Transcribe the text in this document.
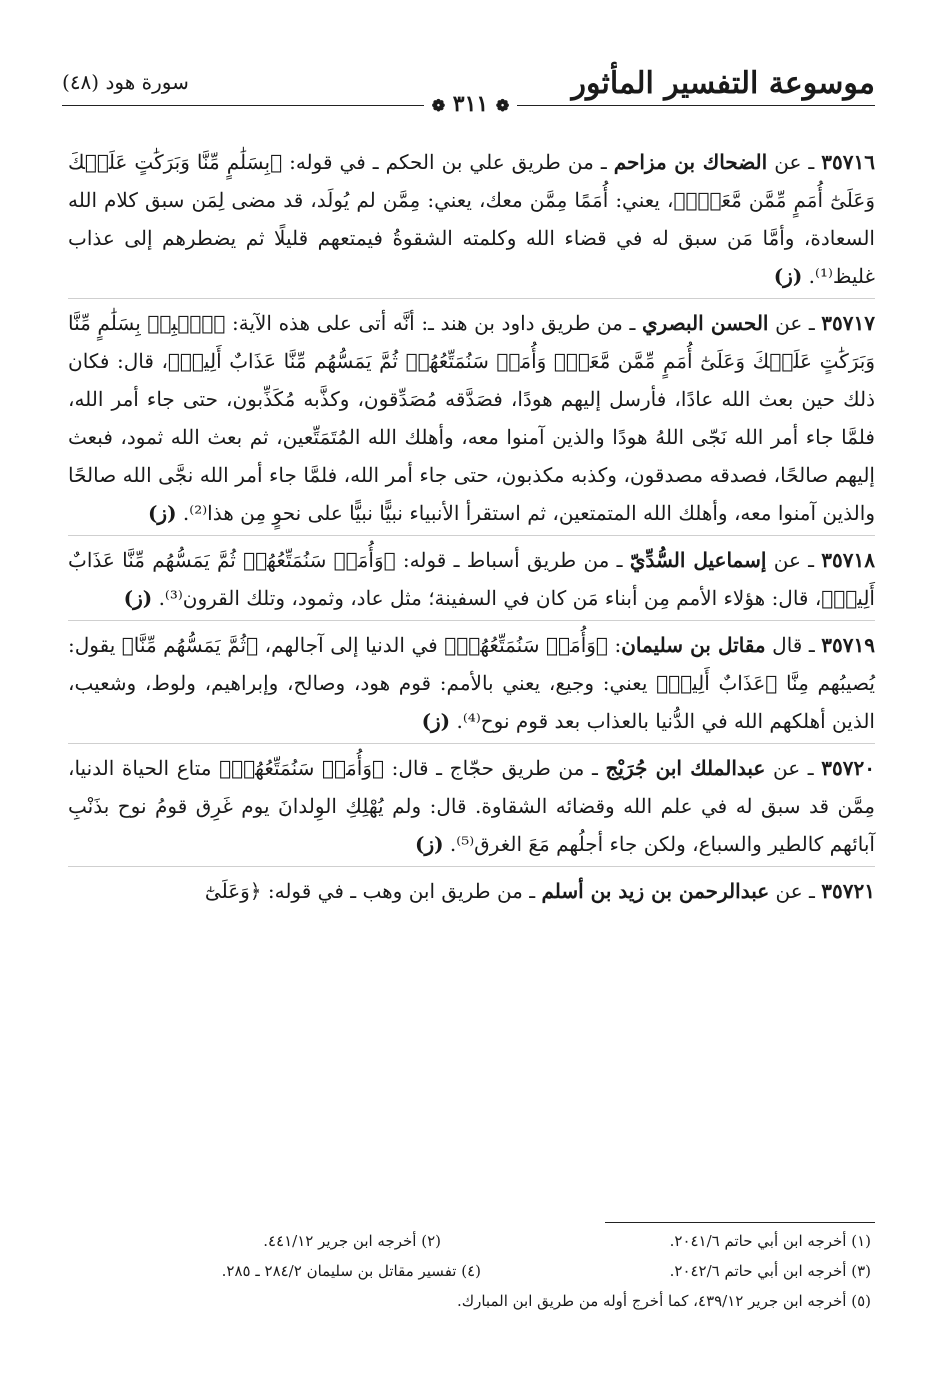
موسوعة التفسير المأثور
سورة هود (٤٨)
❁ ٣١١ ❁

٣٥٧١٦ ـ عن الضحاك بن مزاحم ـ من طريق علي بن الحكم ـ في قوله: ﴿بِسَلَٰمٍ مِّنَّا وَبَرَكَٰتٍ عَلَيۡكَ وَعَلَىٰٓ أُمَمٍ مِّمَّن مَّعَكَۚ﴾، يعني: أُمَمًا مِمَّن معك، يعني: مِمَّن لم يُولَد، قد مضى لِمَن سبق كلام الله السعادة، وأمَّا مَن سبق له في قضاء الله وكلمته الشقوةُ فيمتعهم قليلًا ثم يضطرهم إلى عذاب غليظ⁽¹⁾. (ز)

٣٥٧١٧ ـ عن الحسن البصري ـ من طريق داود بن هند ـ: أنَّه أتى على هذه الآية: ﴿ٱهۡبِطۡ بِسَلَٰمٍ مِّنَّا وَبَرَكَٰتٍ عَلَيۡكَ وَعَلَىٰٓ أُمَمٍ مِّمَّن مَّعَكَۚ وَأُمَمٞ سَنُمَتِّعُهُمۡ ثُمَّ يَمَسُّهُم مِّنَّا عَذَابٌ أَلِيمٞ﴾، قال: فكان ذلك حين بعث الله عادًا، فأرسل إليهم هودًا، فصَدَّقه مُصَدِّقون، وكذَّبه مُكَذِّبون، حتى جاء أمر الله، فلمَّا جاء أمر الله نَجّى اللهُ هودًا والذين آمنوا معه، وأهلك الله المُتَمَتِّعين، ثم بعث الله ثمود، فبعث إليهم صالحًا، فصدقه مصدقون، وكذبه مكذبون، حتى جاء أمر الله، فلمَّا جاء أمر الله نجَّى الله صالحًا والذين آمنوا معه، وأهلك الله المتمتعين، ثم استقرأ الأنبياء نبيًّا نبيًّا على نحوٍ مِن هذا⁽²⁾. (ز)

٣٥٧١٨ ـ عن إسماعيل السُّدِّيّ ـ من طريق أسباط ـ قوله: ﴿وَأُمَمٞ سَنُمَتِّعُهُمۡ ثُمَّ يَمَسُّهُم مِّنَّا عَذَابٌ أَلِيمٞ﴾، قال: هؤلاء الأمم مِن أبناء مَن كان في السفينة؛ مثل عاد، وثمود، وتلك القرون⁽³⁾. (ز)

٣٥٧١٩ ـ قال مقاتل بن سليمان: ﴿وَأُمَمٞ سَنُمَتِّعُهُمۡ﴾ في الدنيا إلى آجالهم، ﴿ثُمَّ يَمَسُّهُم مِّنَّا﴾ يقول: يُصيبُهم مِنَّا ﴿عَذَابٌ أَلِيمٞ﴾ يعني: وجيع، يعني بالأمم: قوم هود، وصالح، وإبراهيم، ولوط، وشعيب، الذين أهلكهم الله في الدُّنيا بالعذاب بعد قوم نوح⁽⁴⁾. (ز)

٣٥٧٢٠ ـ عن عبدالملك ابن جُرَيْج ـ من طريق حجّاج ـ قال: ﴿وَأُمَمٞ سَنُمَتِّعُهُمۡ﴾ متاع الحياة الدنيا، مِمَّن قد سبق له في علم الله وقضائه الشقاوة. قال: ولم يُهْلِكِ الوِلدانَ يوم غَرِق قومُ نوح بذَنْبِ آبائهم كالطير والسباع، ولكن جاء أجلُهم مَعَ الغرق⁽⁵⁾. (ز)

٣٥٧٢١ ـ عن عبدالرحمن بن زيد بن أسلم ـ من طريق ابن وهب ـ في قوله: ﴿وَعَلَىٰٓ

(١) أخرجه ابن أبي حاتم ٢٠٤١/٦.
(٢) أخرجه ابن جرير ٤٤١/١٢.
(٣) أخرجه ابن أبي حاتم ٢٠٤٢/٦.
(٤) تفسير مقاتل بن سليمان ٢٨٤/٢ ـ ٢٨٥.
(٥) أخرجه ابن جرير ٤٣٩/١٢، كما أخرج أوله من طريق ابن المبارك.
